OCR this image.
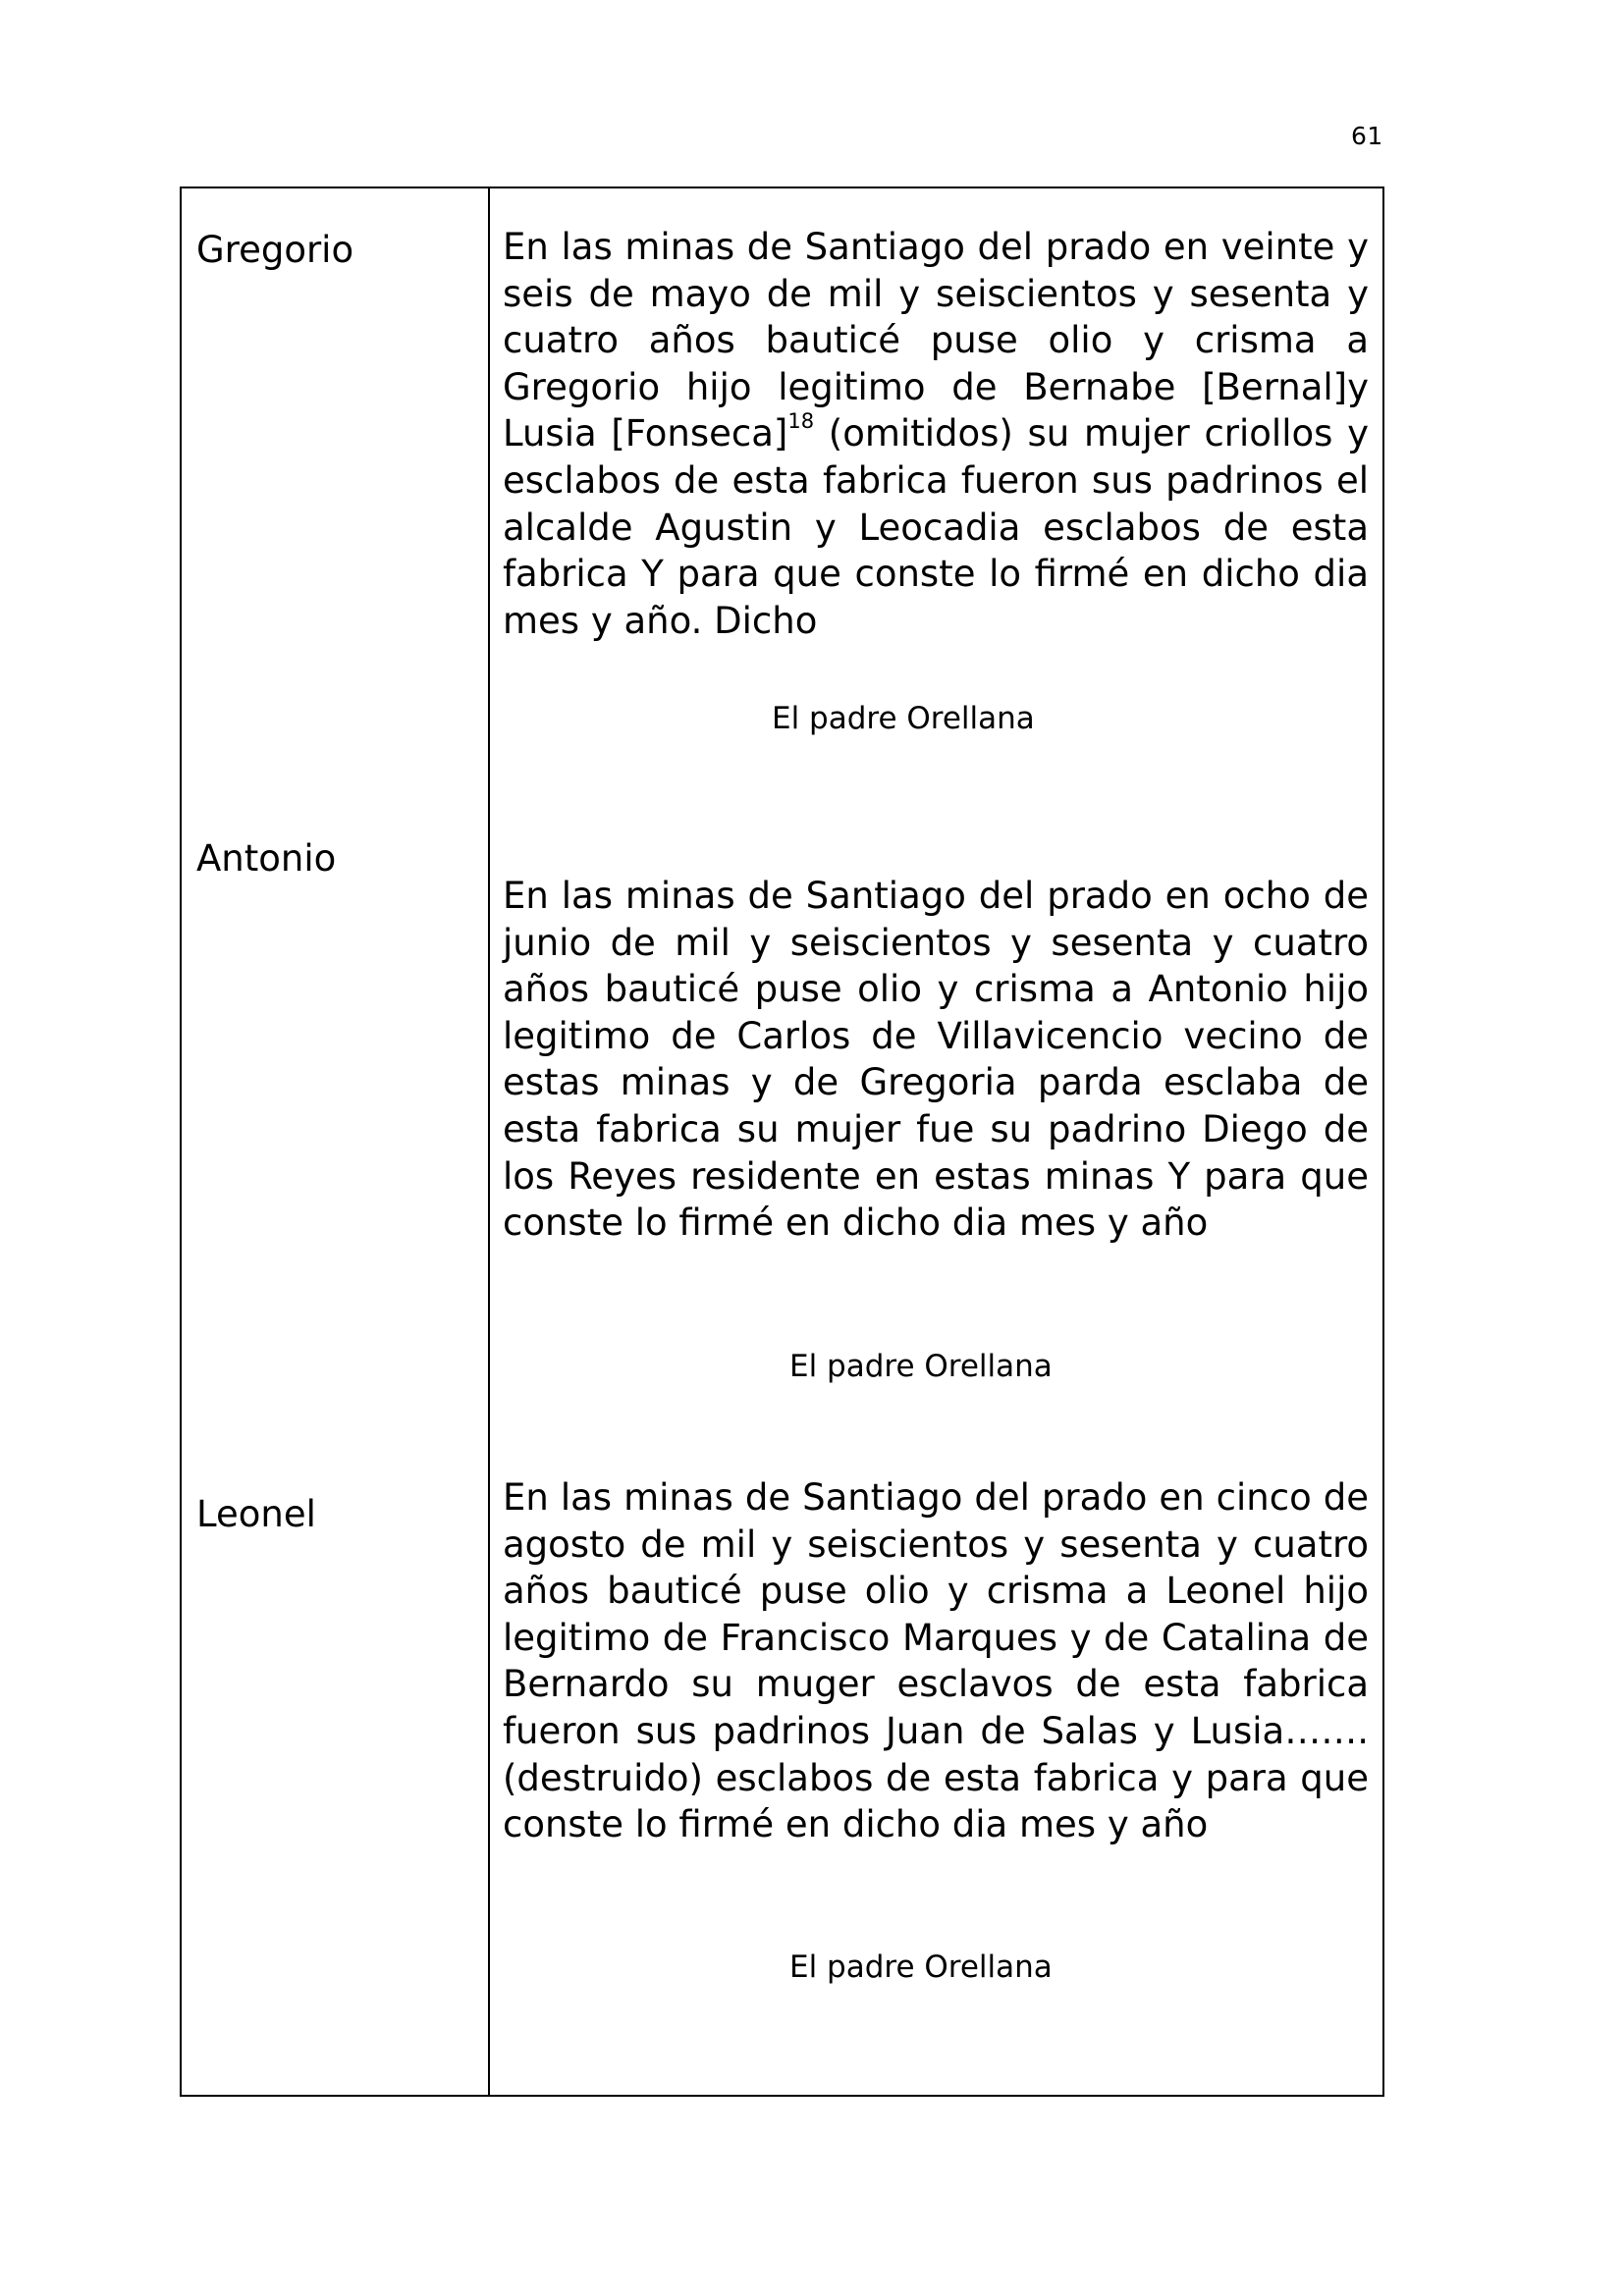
61
Gregorio	En las minas de Santiago del prado en veinte y seis de mayo de mil y seiscientos y sesenta y cuatro años bauticé puse olio y crisma a Gregorio hijo legitimo de Bernabe [Bernal]y Lusia $[Fonseca]^{18}$ (omitidos) su mujer criollos y esclabos de esta fabrica fueron sus padrinos el alcalde Agustin y Leocadia esclabos de esta fabrica Y para que conste lo firmé en dicho dia mes y año. Dicho
El padre Orellana
Antonio
En las minas de Santiago del prado en ocho de junio de mil y seiscientos y sesenta y cuatro años bauticé puse olio y crisma a Antonio hijo legitimo de Carlos de Villavicencio vecino de estas minas y de Gregoria parda esclaba de esta fabrica su mujer fue su padrino Diego de los Reyes residente en estas minas Y para que conste lo firmé en dicho dia mes y año
El padre Orellana
Leonel	En las minas de Santiago del prado en cinco de agosto de mil y seiscientos y sesenta y cuatro años bauticé puse olio y crisma a Leonel hijo legitimo de Francisco Marques y de Catalina de Bernardo su muger esclavos de esta fabrica fueron sus padrinos Juan de Salas y Lusia……. (destruido) esclabos de esta fabrica y para que conste lo firmé en dicho dia mes y año
El padre Orellana
